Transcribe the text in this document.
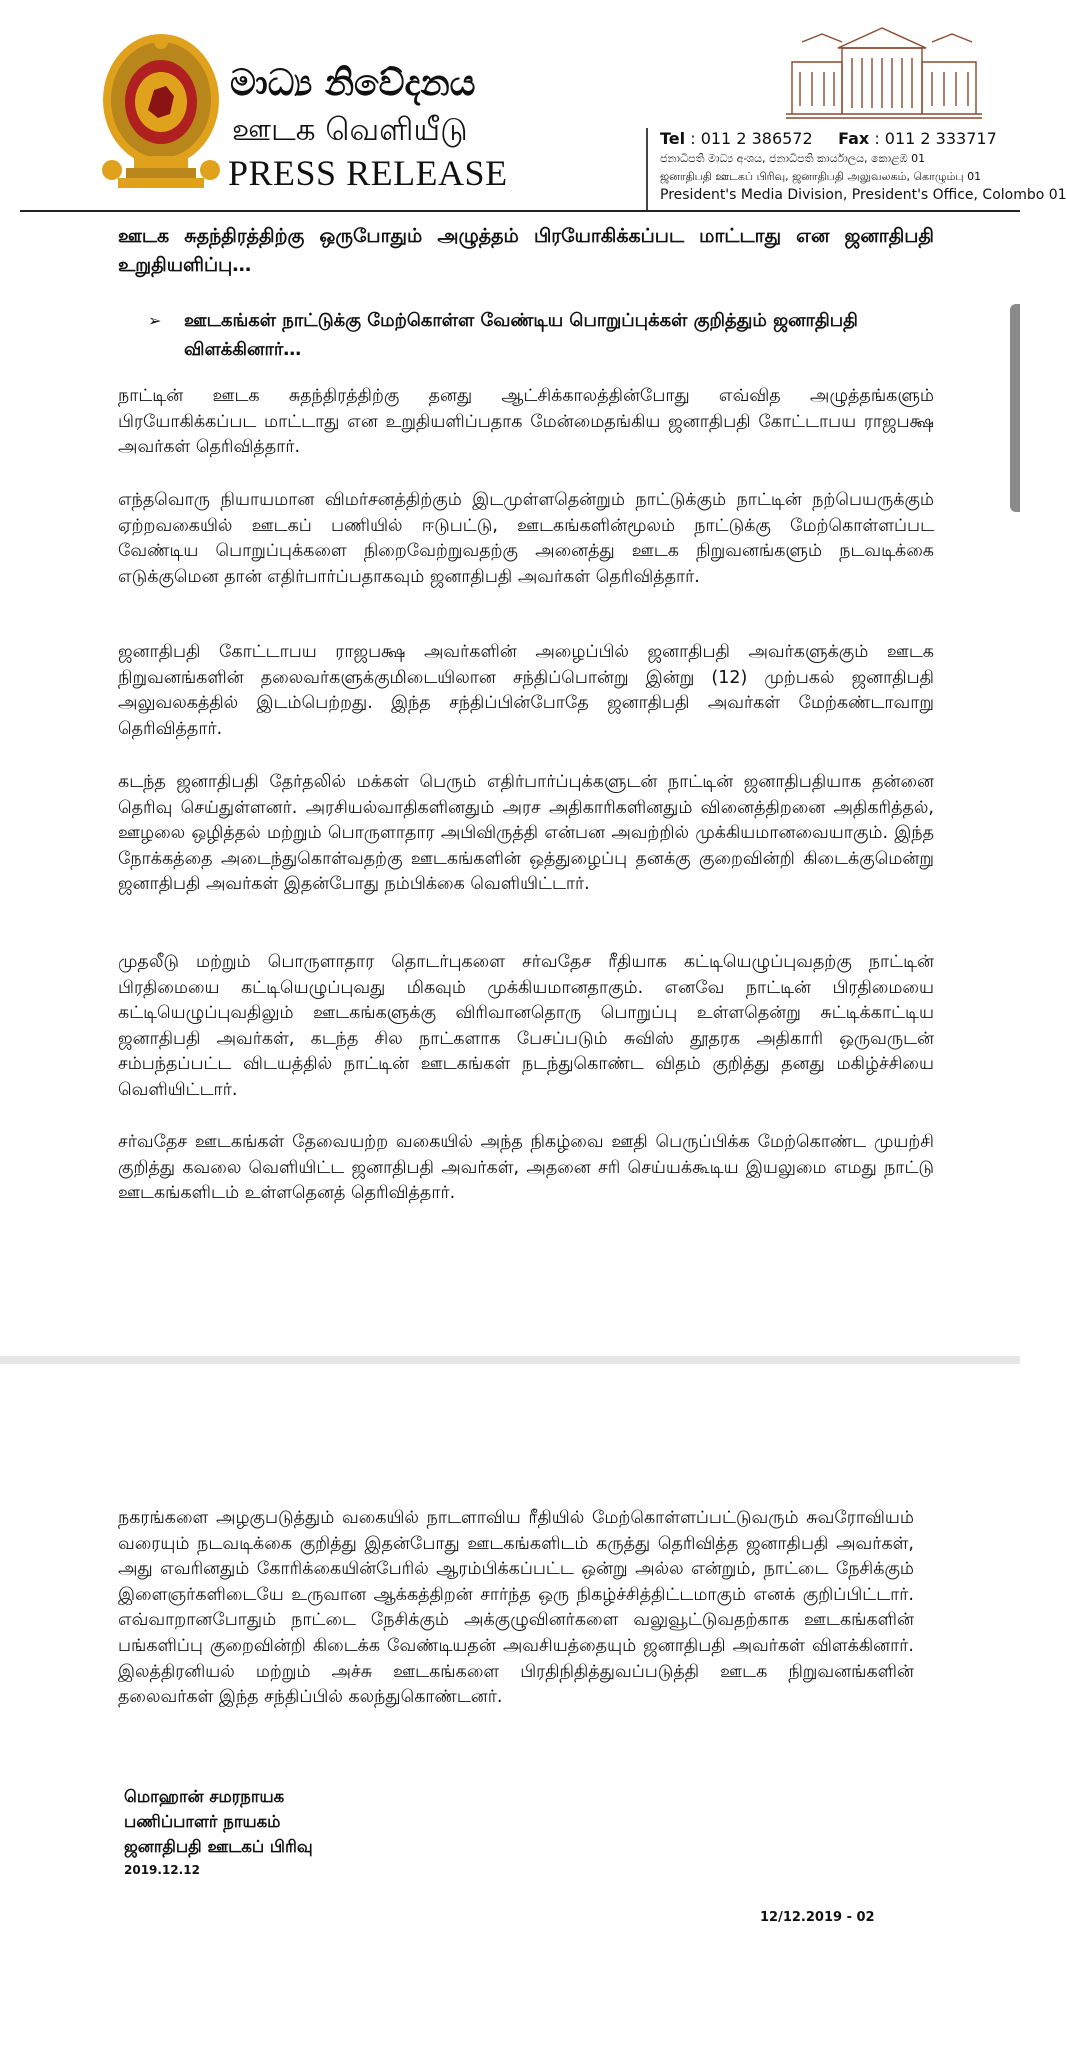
මාධ්‍ය නිවේදනය
ஊடக வெளியீடு
PRESS RELEASE
Tel : 011 2 386572 Fax : 011 2 333717
ජනාධිපති මාධ්‍ය අංශය, ජනාධිපති කාර්යාලය, කොළඹ 01
ஜனாதிபதி ஊடகப் பிரிவு, ஜனாதிபதி அலுவலகம், கொழும்பு 01
President's Media Division, President's Office, Colombo 01
ஊடக சுதந்திரத்திற்கு ஒருபோதும் அழுத்தம் பிரயோகிக்கப்பட மாட்டாது என ஜனாதிபதி உறுதியளிப்பு…
➢	ஊடகங்கள் நாட்டுக்கு மேற்கொள்ள வேண்டிய பொறுப்புக்கள் குறித்தும் ஜனாதிபதி விளக்கினார்…
நாட்டின் ஊடக சுதந்திரத்திற்கு தனது ஆட்சிக்காலத்தின்போது எவ்வித அழுத்தங்களும் பிரயோகிக்கப்பட மாட்டாது என உறுதியளிப்பதாக மேன்மைதங்கிய ஜனாதிபதி கோட்டாபய ராஜபக்ஷ அவர்கள் தெரிவித்தார்.
எந்தவொரு நியாயமான விமர்சனத்திற்கும் இடமுள்ளதென்றும் நாட்டுக்கும் நாட்டின் நற்பெயருக்கும் ஏற்றவகையில் ஊடகப் பணியில் ஈடுபட்டு, ஊடகங்களின்மூலம் நாட்டுக்கு மேற்கொள்ளப்பட வேண்டிய பொறுப்புக்களை நிறைவேற்றுவதற்கு அனைத்து ஊடக நிறுவனங்களும் நடவடிக்கை எடுக்குமென தான் எதிர்பார்ப்பதாகவும் ஜனாதிபதி அவர்கள் தெரிவித்தார்.
ஜனாதிபதி கோட்டாபய ராஜபக்ஷ அவர்களின் அழைப்பில் ஜனாதிபதி அவர்களுக்கும் ஊடக நிறுவனங்களின் தலைவர்களுக்குமிடையிலான சந்திப்பொன்று இன்று (12) முற்பகல் ஜனாதிபதி அலுவலகத்தில் இடம்பெற்றது. இந்த சந்திப்பின்போதே ஜனாதிபதி அவர்கள் மேற்கண்டாவாறு தெரிவித்தார்.
கடந்த ஜனாதிபதி தேர்தலில் மக்கள் பெரும் எதிர்பார்ப்புக்களுடன் நாட்டின் ஜனாதிபதியாக தன்னை தெரிவு செய்துள்ளனர். அரசியல்வாதிகளினதும் அரச அதிகாரிகளினதும் வினைத்திறனை அதிகரித்தல், ஊழலை ஒழித்தல் மற்றும் பொருளாதார அபிவிருத்தி என்பன அவற்றில் முக்கியமானவையாகும். இந்த நோக்கத்தை அடைந்துகொள்வதற்கு ஊடகங்களின் ஒத்துழைப்பு தனக்கு குறைவின்றி கிடைக்குமென்று ஜனாதிபதி அவர்கள் இதன்போது நம்பிக்கை வெளியிட்டார்.
முதலீடு மற்றும் பொருளாதார தொடர்புகளை சர்வதேச ரீதியாக கட்டியெழுப்புவதற்கு நாட்டின் பிரதிமையை கட்டியெழுப்புவது மிகவும் முக்கியமானதாகும். எனவே நாட்டின் பிரதிமையை கட்டியெழுப்புவதிலும் ஊடகங்களுக்கு விரிவானதொரு பொறுப்பு உள்ளதென்று சுட்டிக்காட்டிய ஜனாதிபதி அவர்கள், கடந்த சில நாட்களாக பேசப்படும் சுவிஸ் தூதரக அதிகாரி ஒருவருடன் சம்பந்தப்பட்ட விடயத்தில் நாட்டின் ஊடகங்கள் நடந்துகொண்ட விதம் குறித்து தனது மகிழ்ச்சியை வெளியிட்டார்.
சர்வதேச ஊடகங்கள் தேவையற்ற வகையில் அந்த நிகழ்வை ஊதி பெருப்பிக்க மேற்கொண்ட முயற்சி குறித்து கவலை வெளியிட்ட ஜனாதிபதி அவர்கள், அதனை சரி செய்யக்கூடிய இயலுமை எமது நாட்டு ஊடகங்களிடம் உள்ளதெனத் தெரிவித்தார்.
நகரங்களை அழகுபடுத்தும் வகையில் நாடளாவிய ரீதியில் மேற்கொள்ளப்பட்டுவரும் சுவரோவியம் வரையும் நடவடிக்கை குறித்து இதன்போது ஊடகங்களிடம் கருத்து தெரிவித்த ஜனாதிபதி அவர்கள், அது எவரினதும் கோரிக்கையின்பேரில் ஆரம்பிக்கப்பட்ட ஒன்று அல்ல என்றும், நாட்டை நேசிக்கும் இளைஞர்களிடையே உருவான ஆக்கத்திறன் சார்ந்த ஒரு நிகழ்ச்சித்திட்டமாகும் எனக் குறிப்பிட்டார். எவ்வாறானபோதும் நாட்டை நேசிக்கும் அக்குழுவினர்களை வலுவூட்டுவதற்காக ஊடகங்களின் பங்களிப்பு குறைவின்றி கிடைக்க வேண்டியதன் அவசியத்தையும் ஜனாதிபதி அவர்கள் விளக்கினார். இலத்திரனியல் மற்றும் அச்சு ஊடகங்களை பிரதிநிதித்துவப்படுத்தி ஊடக நிறுவனங்களின் தலைவர்கள் இந்த சந்திப்பில் கலந்துகொண்டனர்.
மொஹான் சமரநாயக
பணிப்பாளர் நாயகம்
ஜனாதிபதி ஊடகப் பிரிவு
2019.12.12
12/12.2019 - 02
